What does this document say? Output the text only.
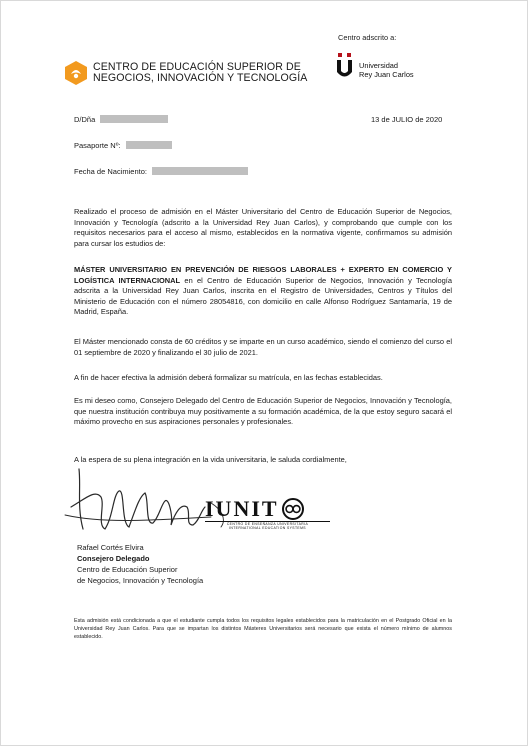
CENTRO DE EDUCACIÓN SUPERIOR DE
NEGOCIOS, INNOVACIÓN Y TECNOLOGÍA
Centro adscrito a:
Universidad
Rey Juan Carlos
D/Dña	13 de JULIO de 2020
Pasaporte Nº:
Fecha de Nacimiento:
Realizado el proceso de admisión en el Máster Universitario del Centro de Educación Superior de Negocios, Innovación y Tecnología (adscrito a la Universidad Rey Juan Carlos), y comprobando que cumple con los requisitos necesarios para el acceso al mismo, establecidos en la normativa vigente, confirmamos su admisión para cursar los estudios de:
MÁSTER UNIVERSITARIO EN PREVENCIÓN DE RIESGOS LABORALES + EXPERTO EN COMERCIO Y LOGÍSTICA INTERNACIONAL en el Centro de Educación Superior de Negocios, Innovación y Tecnología adscrita a la Universidad Rey Juan Carlos, inscrita en el Registro de Universidades, Centros y Títulos del Ministerio de Educación con el número 28054816, con domicilio en calle Alfonso Rodríguez Santamaría, 19 de Madrid, España.
El Máster mencionado consta de 60 créditos y se imparte en un curso académico, siendo el comienzo del curso el 01 septiembre de 2020 y finalizando el 30 julio de 2021.
A fin de hacer efectiva la admisión deberá formalizar su matrícula, en las fechas establecidas.
Es mi deseo como, Consejero Delegado del Centro de Educación Superior de Negocios, Innovación y Tecnología, que nuestra institución contribuya muy positivamente a su formación académica, de la que estoy seguro sacará el máximo provecho en sus aspiraciones personales y profesionales.
A la espera de su plena integración en la vida universitaria, le saluda cordialmente,
IUNIT
CENTRO DE ENSEÑANZA UNIVERSITARIA
INTERNATIONAL EDUCATION SYSTEMS
Rafael Cortés Elvira
Consejero Delegado
Centro de Educación Superior
de Negocios, Innovación y Tecnología
Esta admisión está condicionada a que el estudiante cumpla todos los requisitos legales establecidos para la matriculación en el Postgrado Oficial en la Universidad Rey Juan Carlos. Para que se impartan los distintos Másteres Universitarios será necesario que exista el número mínimo de alumnos establecido.
